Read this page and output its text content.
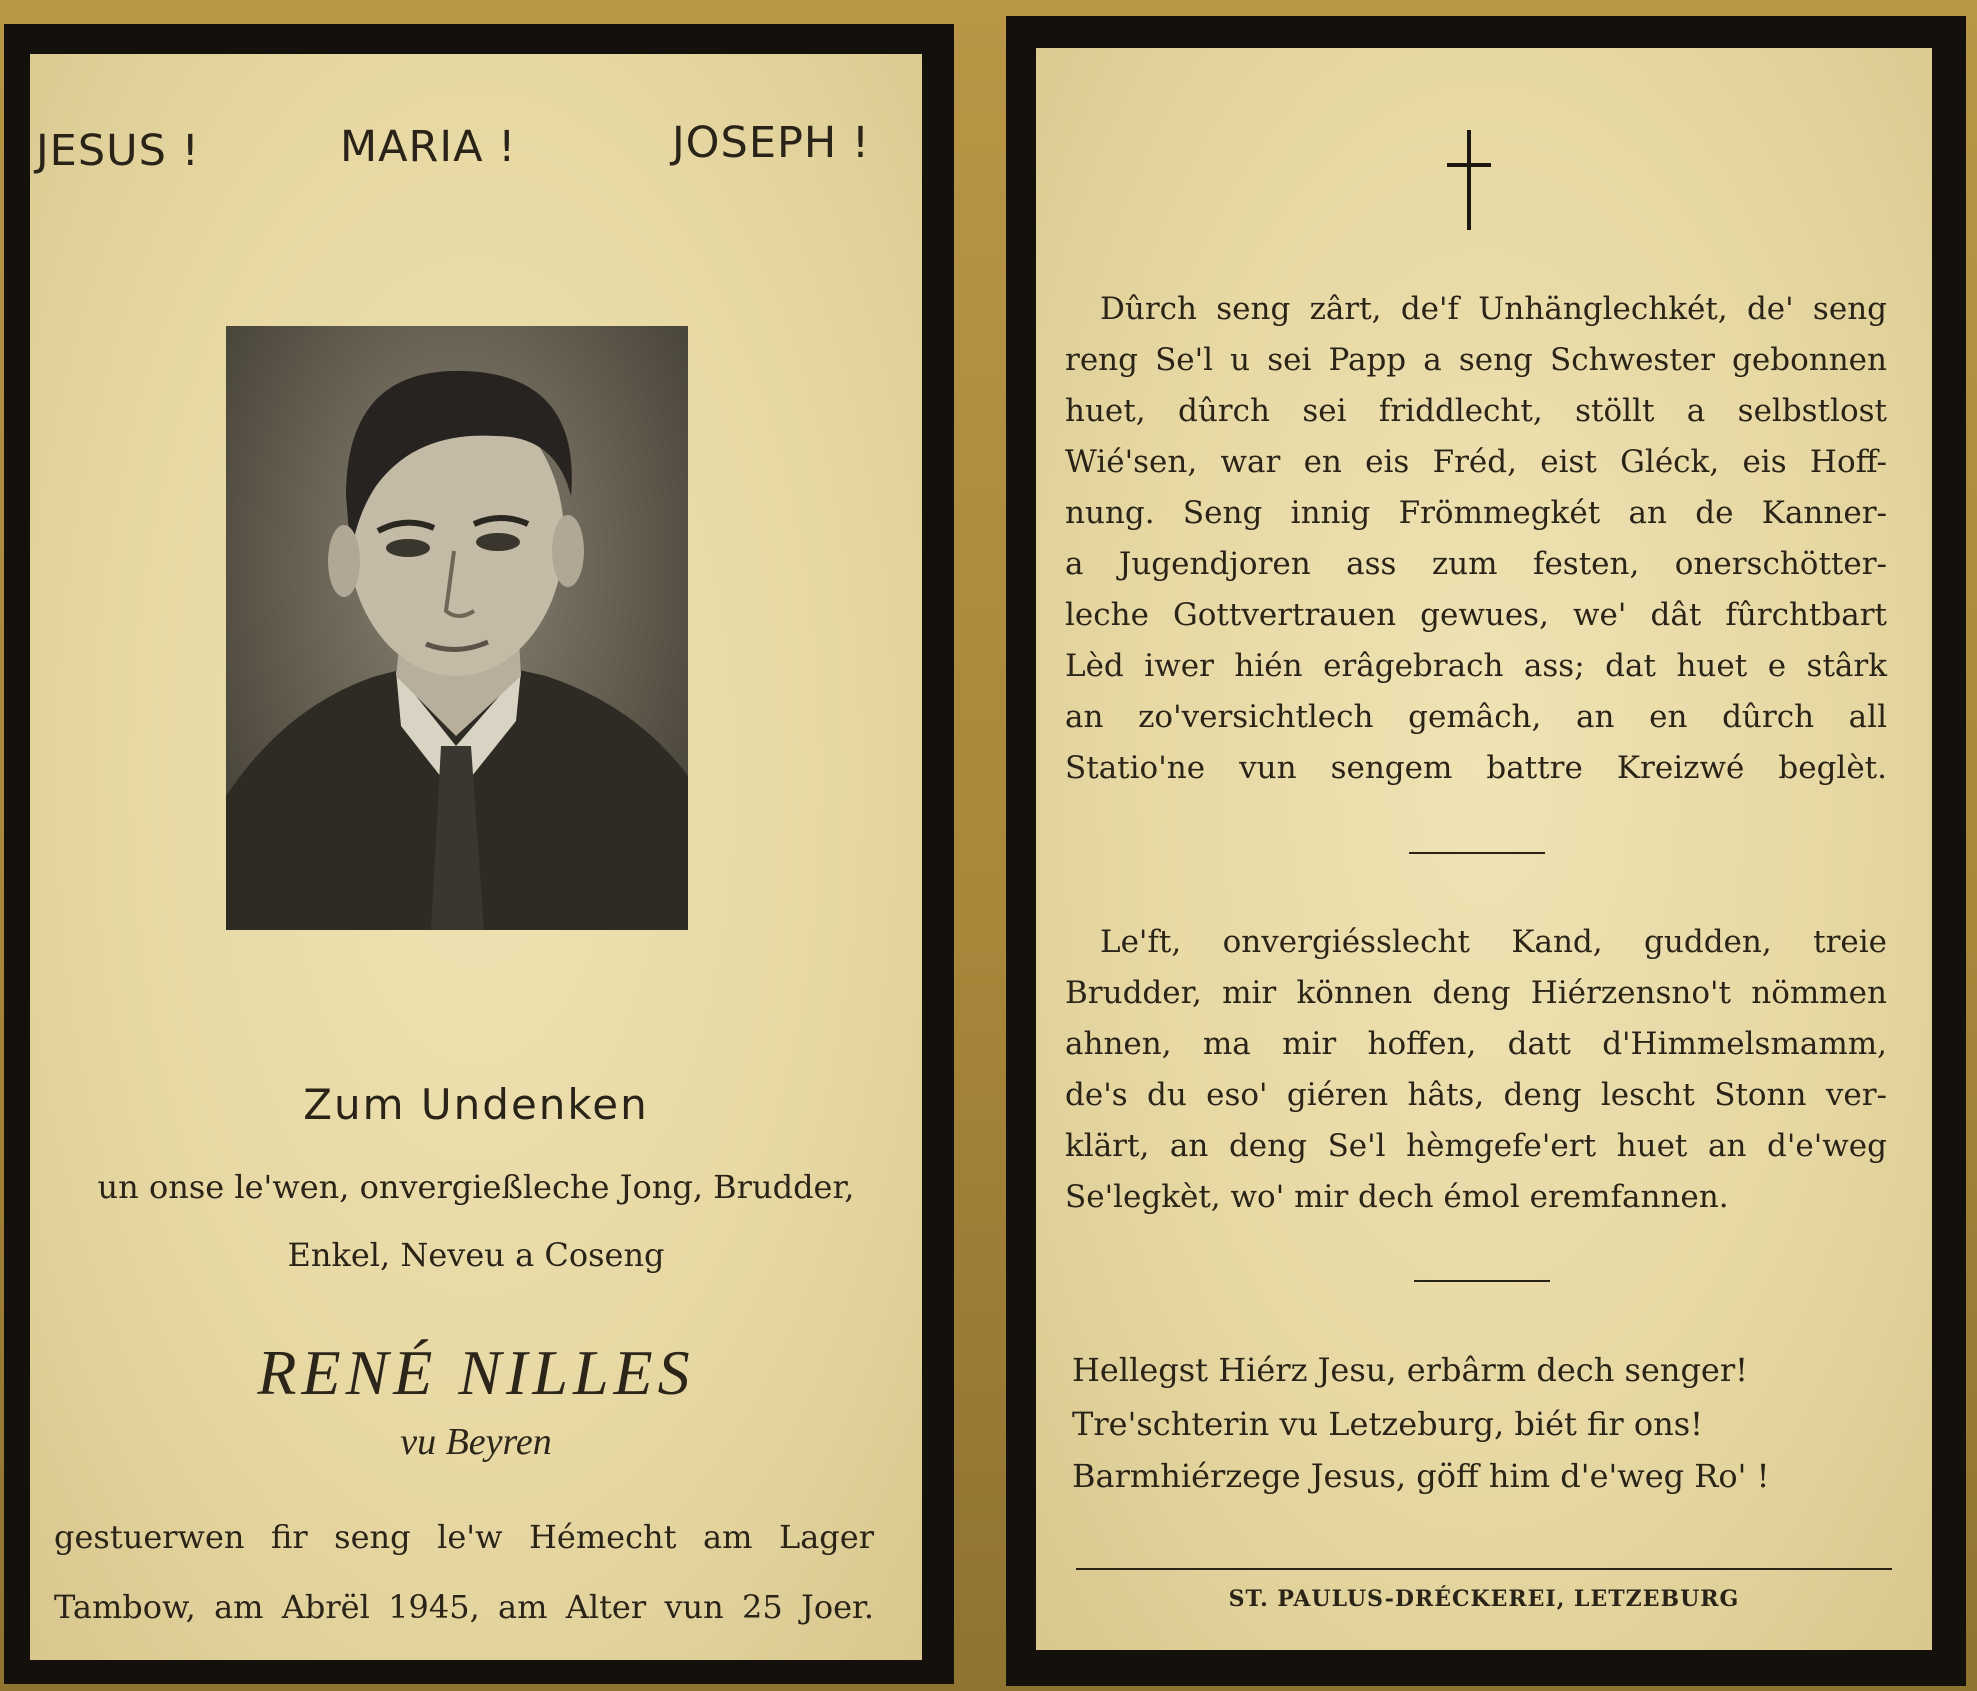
JESUS !	MARIA !	JOSEPH !
Zum Undenken
un onse le'wen, onvergießleche Jong, Brudder,
Enkel, Neveu a Coseng
RENÉ NILLES
vu Beyren
gestuerwen fir seng le'w Hémecht am Lager
Tambow, am Abrël 1945, am Alter vun 25 Joer.
Dûrch seng zârt, de'f Unhänglechkét, de' seng
reng Se'l u sei Papp a seng Schwester gebonnen
huet, dûrch sei friddlecht, stöllt a selbstlost
Wié'sen, war en eis Fréd, eist Gléck, eis Hoff-
nung. Seng innig Frömmegkét an de Kanner-
a Jugendjoren ass zum festen, onerschötter-
leche Gottvertrauen gewues, we' dât fûrchtbart
Lèd iwer hién erâgebrach ass; dat huet e stârk
an zo'versichtlech gemâch, an en dûrch all
Statio'ne vun sengem battre Kreizwé beglèt.
Le'ft, onvergiésslecht Kand, gudden, treie
Brudder, mir können deng Hiérzensno't nömmen
ahnen, ma mir hoffen, datt d'Himmelsmamm,
de's du eso' giéren hâts, deng lescht Stonn ver-
klärt, an deng Se'l hèmgefe'ert huet an d'e'weg
Se'legkèt, wo' mir dech émol eremfannen.
Hellegst Hiérz Jesu, erbârm dech senger!
Tre'schterin vu Letzeburg, biét fir ons!
Barmhiérzege Jesus, göff him d'e'weg Ro' !
ST. PAULUS-DRÉCKEREI, LETZEBURG
